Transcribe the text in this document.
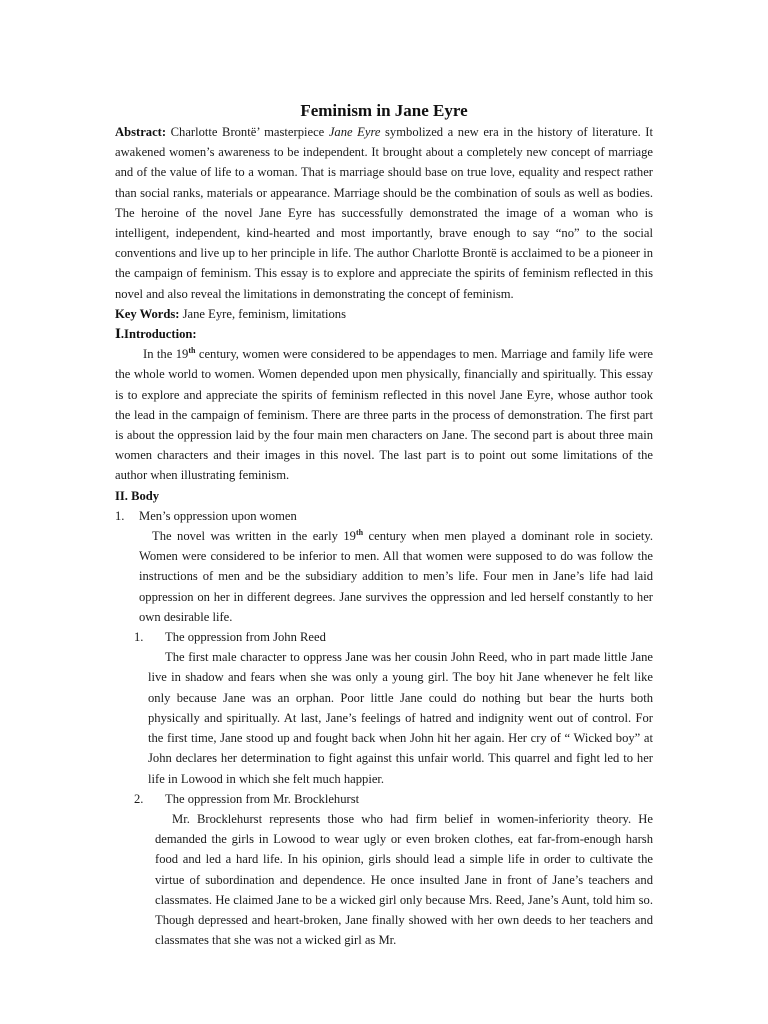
Feminism in Jane Eyre

Abstract: Charlotte Brontë’ masterpiece Jane Eyre symbolized a new era in the history of literature. It awakened women’s awareness to be independent. It brought about a completely new concept of marriage and of the value of life to a woman. That is marriage should base on true love, equality and respect rather than social ranks, materials or appearance. Marriage should be the combination of souls as well as bodies. The heroine of the novel Jane Eyre has successfully demonstrated the image of a woman who is intelligent, independent, kind-hearted and most importantly, brave enough to say “no” to the social conventions and live up to her principle in life. The author Charlotte Brontë is acclaimed to be a pioneer in the campaign of feminism. This essay is to explore and appreciate the spirits of feminism reflected in this novel and also reveal the limitations in demonstrating the concept of feminism.

Key Words: Jane Eyre, feminism, limitations

Ⅰ.Introduction:

In the 19th century, women were considered to be appendages to men. Marriage and family life were the whole world to women. Women depended upon men physically, financially and spiritually. This essay is to explore and appreciate the spirits of feminism reflected in this novel Jane Eyre, whose author took the lead in the campaign of feminism. There are three parts in the process of demonstration. The first part is about the oppression laid by the four main men characters on Jane. The second part is about three main women characters and their images in this novel. The last part is to point out some limitations of the author when illustrating feminism.

II. Body
1.	Men’s oppression upon women

The novel was written in the early 19th century when men played a dominant role in society. Women were considered to be inferior to men. All that women were supposed to do was follow the instructions of men and be the subsidiary addition to men’s life. Four men in Jane’s life had laid oppression on her in different degrees. Jane survives the oppression and led herself constantly to her own desirable life.

1.	The oppression from John Reed

The first male character to oppress Jane was her cousin John Reed, who in part made little Jane live in shadow and fears when she was only a young girl. The boy hit Jane whenever he felt like only because Jane was an orphan. Poor little Jane could do nothing but bear the hurts both physically and spiritually. At last, Jane’s feelings of hatred and indignity went out of control. For the first time, Jane stood up and fought back when John hit her again. Her cry of “ Wicked boy” at John declares her determination to fight against this unfair world. This quarrel and fight led to her life in Lowood in which she felt much happier.

2.	The oppression from Mr. Brocklehurst

Mr. Brocklehurst represents those who had firm belief in women-inferiority theory. He demanded the girls in Lowood to wear ugly or even broken clothes, eat far-from-enough harsh food and led a hard life. In his opinion, girls should lead a simple life in order to cultivate the virtue of subordination and dependence. He once insulted Jane in front of Jane’s teachers and classmates. He claimed Jane to be a wicked girl only because Mrs. Reed, Jane’s Aunt, told him so. Though depressed and heart-broken, Jane finally showed with her own deeds to her teachers and classmates that she was not a wicked girl as Mr.
